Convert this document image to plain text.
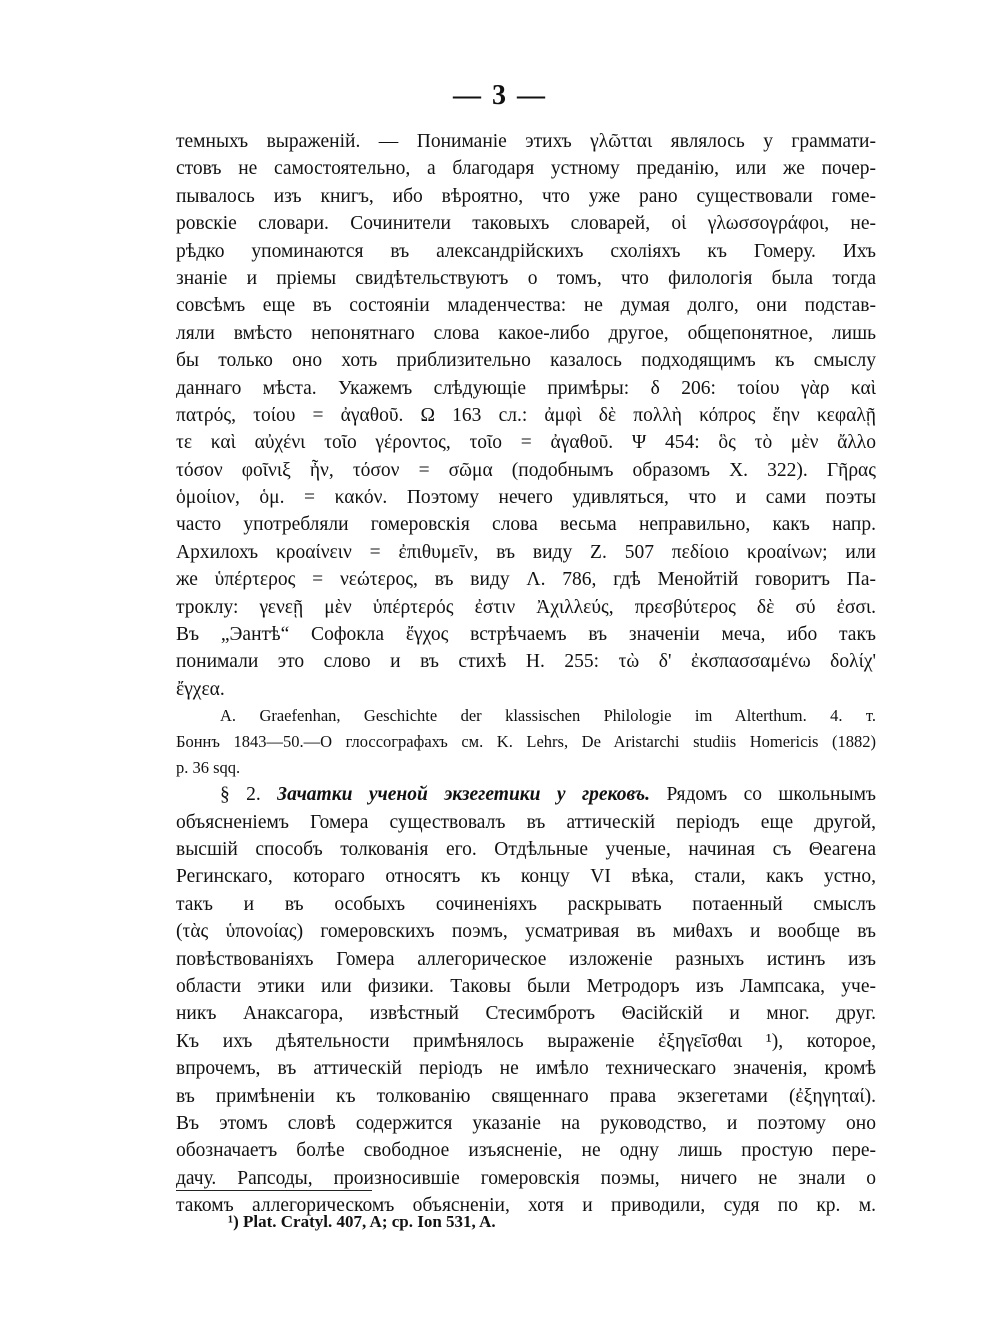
— 3 —
темныхъ выраженій. — Пониманіе этихъ γλῶτται являлось у граммати-
стовъ не самостоятельно, а благодаря устному преданію, или же почер-
пывалось изъ книгъ, ибо вѣроятно, что уже рано существовали гоме-
ровскіе словари. Сочинители таковыхъ словарей, οἱ γλωσσογράφοι, не-
рѣдко упоминаются въ александрійскихъ схоліяхъ къ Гомеру. Ихъ
знаніе и пріемы свидѣтельствуютъ о томъ, что филологія была тогда
совсѣмъ еще въ состояніи младенчества: не думая долго, они подстав-
ляли вмѣсто непонятнаго слова какое-либо другое, общепонятное, лишь
бы только оно хоть приблизительно казалось подходящимъ къ смыслу
даннаго мѣста. Укажемъ слѣдующіе примѣры: δ 206: τοίου γὰρ καὶ
πατρός, τοίου = ἀγαθοῦ. Ω 163 сл.: ἀμφὶ δὲ πολλὴ κόπρος ἔην κεφαλῇ
τε καὶ αὐχένι τοῖο γέροντος, τοῖο = ἀγαθοῦ. Ψ 454: ὃς τὸ μὲν ἄλλο
τόσον φοῖνιξ ἦν, τόσον = σῶμα (подобнымъ образомъ Χ. 322). Γῆρας
ὁμοίιον, ὁμ. = κακόν. Поэтому нечего удивляться, что и сами поэты
часто употребляли гомеровскія слова весьма неправильно, какъ напр.
Архилохъ κροαίνειν = ἐπιθυμεῖν, въ виду Ζ. 507 πεδίοιο κροαίνων; или
же ὑπέρτερος = νεώτερος, въ виду Λ. 786, гдѣ Менойтій говоритъ Па-
троклу: γενεῇ μὲν ὑπέρτερός ἐστιν Ἀχιλλεύς, πρεσβύτερος δὲ σύ ἐσσι.
Въ „Эантѣ“ Софокла ἔγχος встрѣчаемъ въ значеніи меча, ибо такъ
понимали это слово и въ стихѣ Η. 255: τὼ δ' ἐκσπασσαμένω δολίχ'
ἔγχεα.
A. Graefenhan, Geschichte der klassischen Philologie im Alterthum. 4. т.
Боннъ 1843—50.—О глоссографахъ см. K. Lehrs, De Aristarchi studiis Homericis (1882)
p. 36 sqq.
§ 2. Зачатки ученой экзегетики у грековъ. Рядомъ со школьнымъ
объясненіемъ Гомера существовалъ въ аттическій періодъ еще другой,
высшій способъ толкованія его. Отдѣльные ученые, начиная съ Θеагена
Регинскаго, котораго относятъ къ концу VI вѣка, стали, какъ устно,
такъ и въ особыхъ сочиненіяхъ раскрывать потаенный смыслъ
(τὰς ὑπονοίας) гомеровскихъ поэмъ, усматривая въ миθахъ и вообще въ
повѣствованіяхъ Гомера аллегорическое изложеніе разныхъ истинъ изъ
области этики или физики. Таковы были Метродоръ изъ Лампсака, уче-
никъ Анаксагора, извѣстный Стесимбротъ Θасійскій и мног. друг.
Къ ихъ дѣятельности примѣнялось выраженіе ἐξηγεῖσθαι ¹), которое,
впрочемъ, въ аттическій періодъ не имѣло техническаго значенія, кромѣ
въ примѣненіи къ толкованію священнаго права экзегетами (ἐξηγηταί).
Въ этомъ словѣ содержится указаніе на руководство, и поэтому оно
обозначаетъ болѣе свободное изъясненіе, не одну лишь простую пере-
дачу. Рапсоды, произносившіе гомеровскія поэмы, ничего не знали о
такомъ аллегорическомъ объясненіи, хотя и приводили, судя по кр. м.
¹) Plat. Cratyl. 407, A; cp. Ion 531, A.
